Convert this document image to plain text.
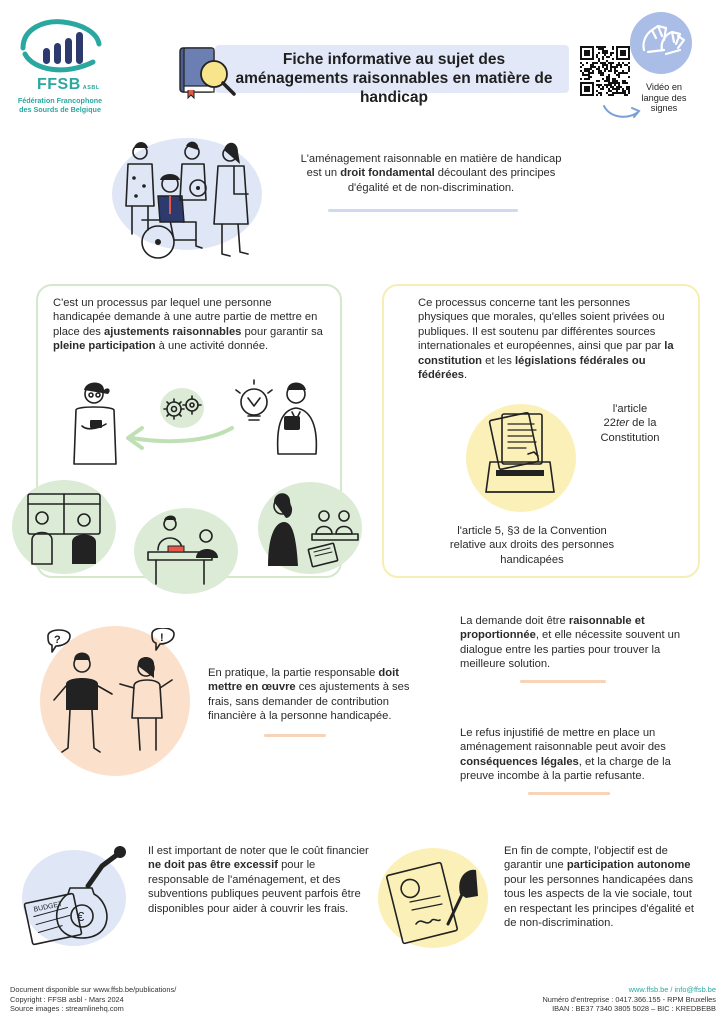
FFSB ASBL
Fédération Francophone des Sourds de Belgique
Fiche informative au sujet des aménagements raisonnables en matière de handicap
Vidéo en langue des signes
L'aménagement raisonnable en matière de handicap est un droit fondamental découlant des principes d'égalité et de non-discrimination.
C'est un processus par lequel une personne handicapée demande à une autre partie de mettre en place des ajustements raisonnables pour garantir sa pleine participation à une activité donnée.
Ce processus concerne tant les personnes physiques que morales, qu'elles soient privées ou publiques. Il est soutenu par différentes sources internationales et européennes, ainsi que par par la constitution et les législations fédérales ou fédérées.
l'article
22ter de la Constitution
l'article 5, §3 de la Convention relative aux droits des personnes handicapées
?	!
En pratique, la partie responsable doit mettre en œuvre ces ajustements à ses frais, sans demander de contribution financière à la personne handicapée.
La demande doit être raisonnable et proportionnée, et elle nécessite souvent un dialogue entre les parties pour trouver la meilleure solution.
Le refus injustifié de mettre en place un aménagement raisonnable peut avoir des conséquences légales, et la charge de la preuve incombe à la partie refusante.
BUDGET
€
Il est important de noter que le coût financier ne doit pas être excessif pour le responsable de l'aménagement, et des subventions publiques peuvent parfois être disponibles pour aider à couvrir les frais.
En fin de compte, l'objectif est de garantir une participation autonome pour les personnes handicapées dans tous les aspects de la vie sociale, tout en respectant les principes d'égalité et de non-discrimination.
Document disponible sur www.ffsb.be/publications/
Copyright : FFSB asbl - Mars 2024
Source images : streamlinehq.com
www.ffsb.be / info@ffsb.be
Numéro d'entreprise : 0417.366.155 - RPM Bruxelles
IBAN : BE37 7340 3805 5028 – BIC : KREDBEBB
